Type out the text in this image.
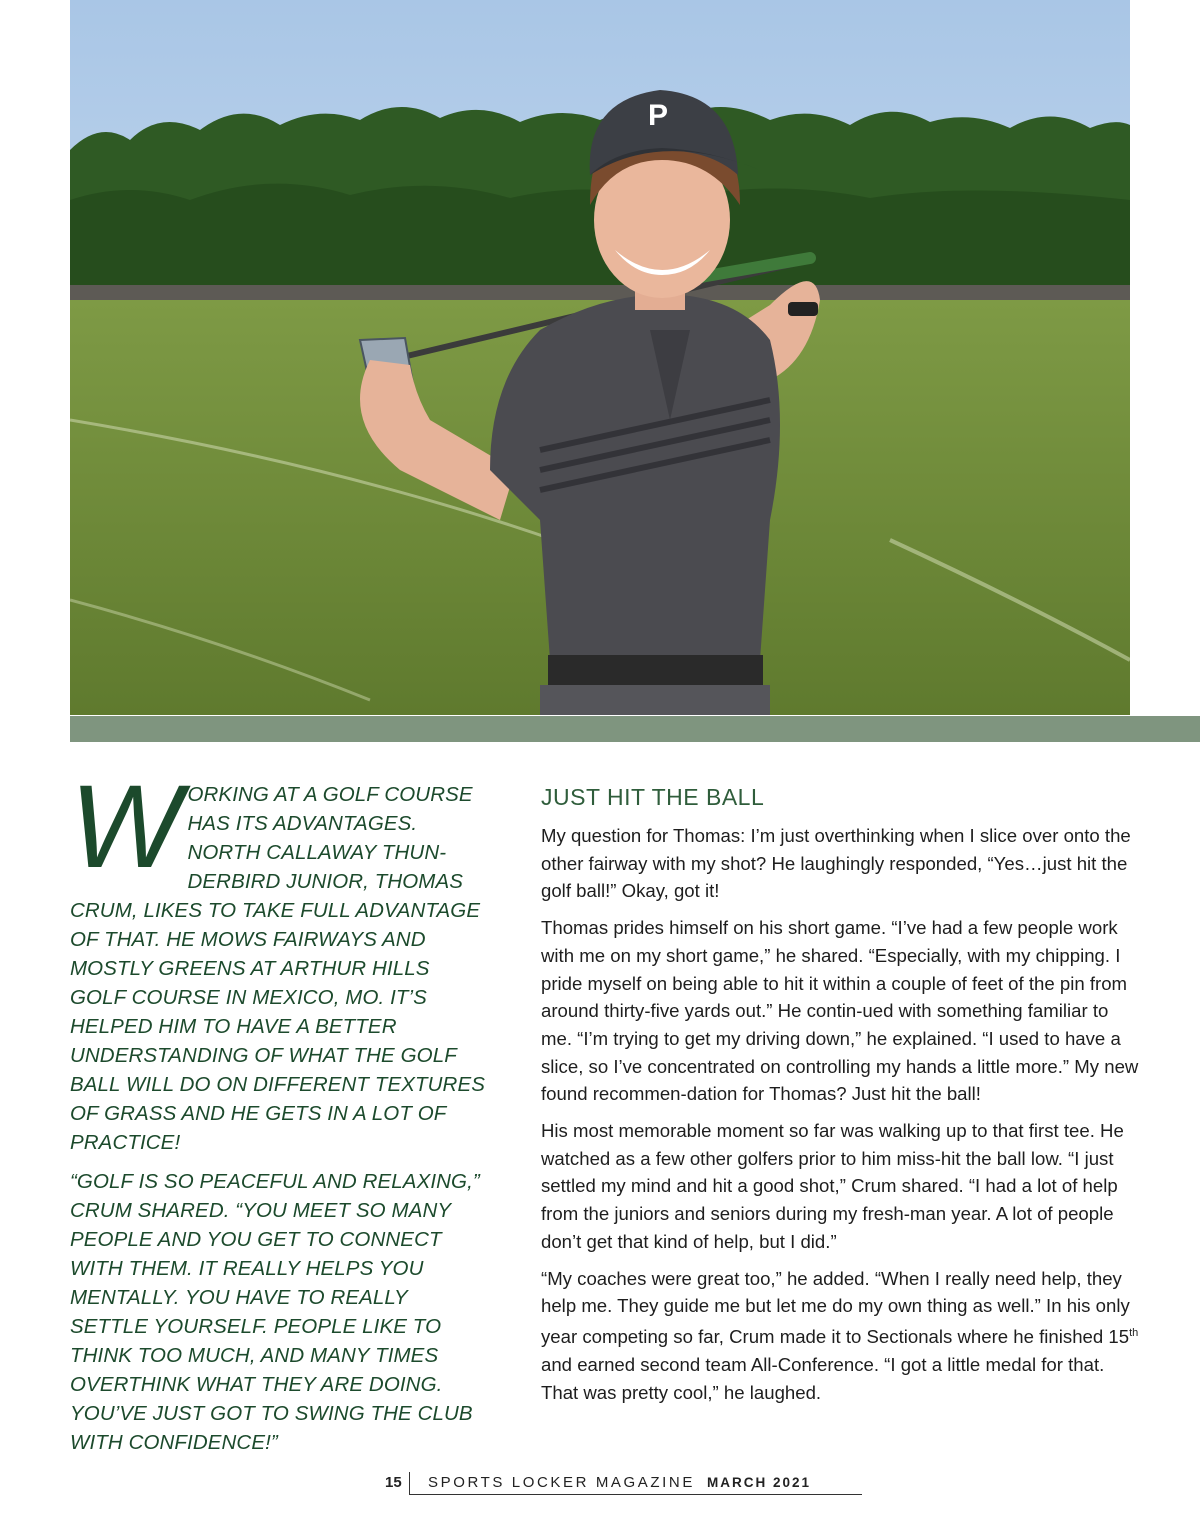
P
W ORKING AT A GOLF COURSE HAS ITS ADVANTAGES. NORTH CALLAWAY THUN-DERBIRD JUNIOR, THOMAS CRUM, LIKES TO TAKE FULL ADVANTAGE OF THAT. HE MOWS FAIRWAYS AND MOSTLY GREENS AT ARTHUR HILLS GOLF COURSE IN MEXICO, MO. IT’S HELPED HIM TO HAVE A BETTER UNDERSTANDING OF WHAT THE GOLF BALL WILL DO ON DIFFERENT TEXTURES OF GRASS AND HE GETS IN A LOT OF PRACTICE!

“GOLF IS SO PEACEFUL AND RELAXING,” CRUM SHARED. “YOU MEET SO MANY PEOPLE AND YOU GET TO CONNECT WITH THEM. IT REALLY HELPS YOU MENTALLY. YOU HAVE TO REALLY SETTLE YOURSELF. PEOPLE LIKE TO THINK TOO MUCH, AND MANY TIMES OVERTHINK WHAT THEY ARE DOING. YOU’VE JUST GOT TO SWING THE CLUB WITH CONFIDENCE!”

JUST HIT THE BALL

My question for Thomas: I’m just overthinking when I slice over onto the other fairway with my shot? He laughingly responded, “Yes…just hit the golf ball!” Okay, got it!

Thomas prides himself on his short game. “I’ve had a few people work with me on my short game,” he shared. “Especially, with my chipping. I pride myself on being able to hit it within a couple of feet of the pin from around thirty-five yards out.” He contin-ued with something familiar to me. “I’m trying to get my driving down,” he explained. “I used to have a slice, so I’ve concentrated on controlling my hands a little more.” My new found recommen-dation for Thomas? Just hit the ball!

His most memorable moment so far was walking up to that first tee. He watched as a few other golfers prior to him miss-hit the ball low. “I just settled my mind and hit a good shot,” Crum shared. “I had a lot of help from the juniors and seniors during my fresh-man year. A lot of people don’t get that kind of help, but I did.”

“My coaches were great too,” he added. “When I really need help, they help me. They guide me but let me do my own thing as well.” In his only year competing so far, Crum made it to Sectionals where he finished 15th and earned second team All-Conference. “I got a little medal for that. That was pretty cool,” he laughed.

15 SPORTS LOCKER MAGAZINE MARCH 2021
